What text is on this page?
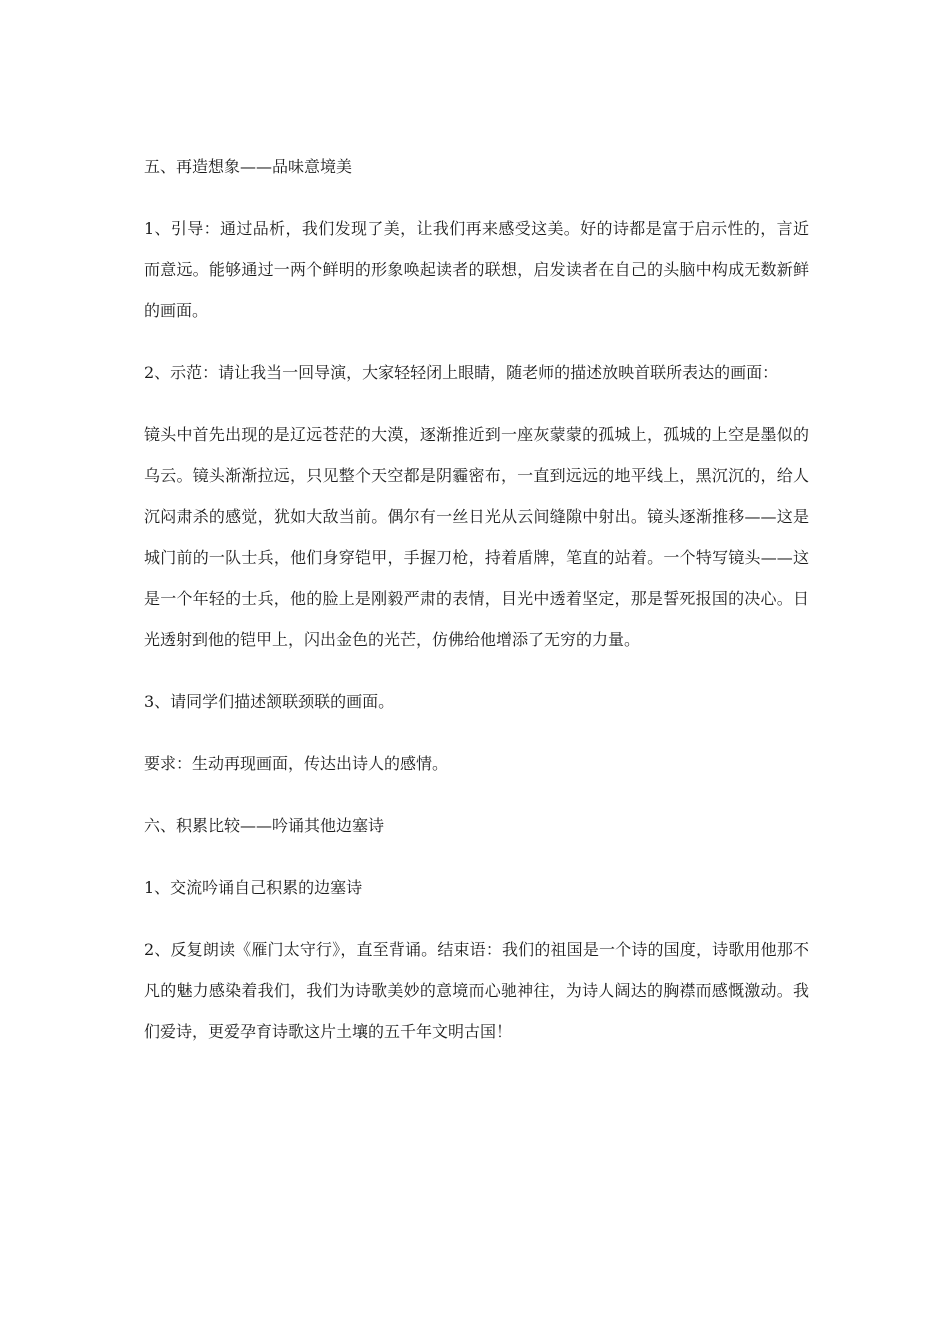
五、再造想象——品味意境美

1、引导：通过品析，我们发现了美，让我们再来感受这美。好的诗都是富于启示性的，言近而意远。能够通过一两个鲜明的形象唤起读者的联想，启发读者在自己的头脑中构成无数新鲜的画面。

2、示范：请让我当一回导演，大家轻轻闭上眼睛，随老师的描述放映首联所表达的画面：

镜头中首先出现的是辽远苍茫的大漠，逐渐推近到一座灰蒙蒙的孤城上，孤城的上空是墨似的乌云。镜头渐渐拉远，只见整个天空都是阴霾密布，一直到远远的地平线上，黑沉沉的，给人沉闷肃杀的感觉，犹如大敌当前。偶尔有一丝日光从云间缝隙中射出。镜头逐渐推移——这是城门前的一队士兵，他们身穿铠甲，手握刀枪，持着盾牌，笔直的站着。一个特写镜头——这是一个年轻的士兵，他的脸上是刚毅严肃的表情，目光中透着坚定，那是誓死报国的决心。日光透射到他的铠甲上，闪出金色的光芒，仿佛给他增添了无穷的力量。

3、请同学们描述颔联颈联的画面。

要求：生动再现画面，传达出诗人的感情。

六、积累比较——吟诵其他边塞诗

1、交流吟诵自己积累的边塞诗

2、反复朗读《雁门太守行》，直至背诵。结束语：我们的祖国是一个诗的国度，诗歌用他那不凡的魅力感染着我们，我们为诗歌美妙的意境而心驰神往，为诗人阔达的胸襟而感慨激动。我们爱诗，更爱孕育诗歌这片土壤的五千年文明古国！
